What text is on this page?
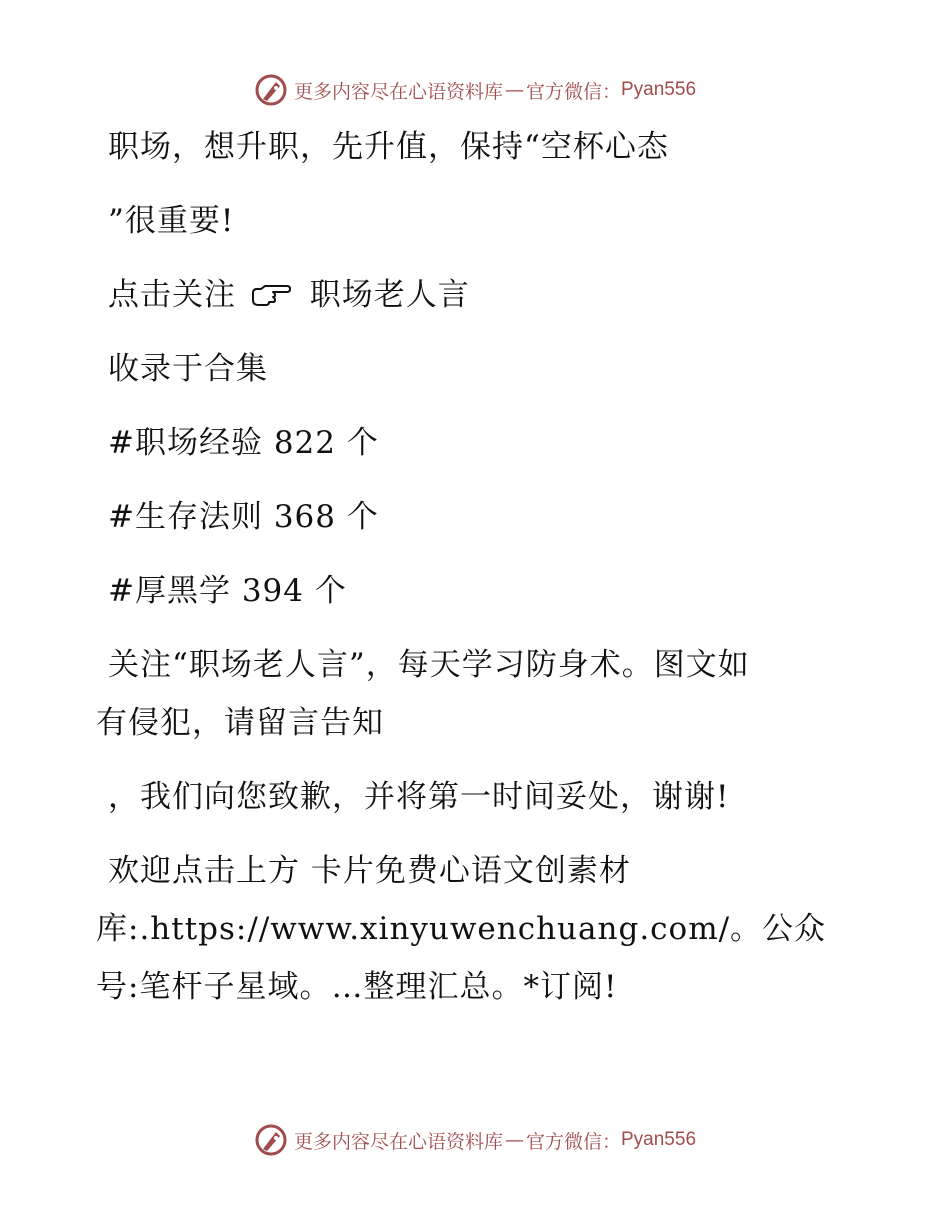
更多内容尽在心语资料库 — 官方微信： Pyan556
职场，想升职，先升值，保持“空杯心态
”很重要!
点击关注 职场老人言
收录于合集
#职场经验 822 个
#生存法则 368 个
#厚黑学 394 个
关注“职场老人言”，每天学习防身术。图文如
有侵犯，请留言告知
，我们向您致歉，并将第一时间妥处，谢谢!
欢迎点击上方 卡片免费心语文创素材
库:.https://www.xinyuwenchuang.com/。公众
号:笔杆子星域。…整理汇总。*订阅!
更多内容尽在心语资料库 — 官方微信： Pyan556
